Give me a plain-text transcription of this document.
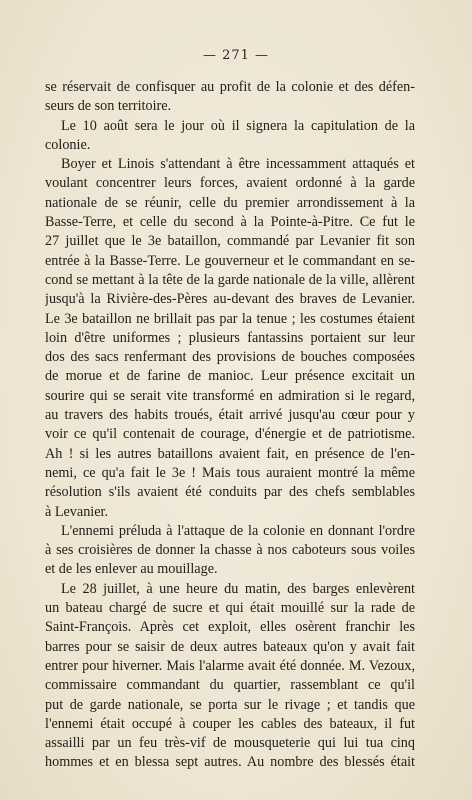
— 271 —
se réservait de confisquer au profit de la colonie et des défen-
seurs de son territoire.
Le 10 août sera le jour où il signera la capitulation de la
colonie.
Boyer et Linois s'attendant à être incessamment attaqués et
voulant concentrer leurs forces, avaient ordonné à la garde
nationale de se réunir, celle du premier arrondissement à la
Basse-Terre, et celle du second à la Pointe-à-Pitre. Ce fut le
27 juillet que le 3e bataillon, commandé par Levanier fit son
entrée à la Basse-Terre. Le gouverneur et le commandant en se-
cond se mettant à la tête de la garde nationale de la ville, allèrent
jusqu'à la Rivière-des-Pères au-devant des braves de Levanier.
Le 3e bataillon ne brillait pas par la tenue ; les costumes étaient
loin d'être uniformes ; plusieurs fantassins portaient sur leur
dos des sacs renfermant des provisions de bouches composées
de morue et de farine de manioc. Leur présence excitait un
sourire qui se serait vite transformé en admiration si le regard,
au travers des habits troués, était arrivé jusqu'au cœur pour y
voir ce qu'il contenait de courage, d'énergie et de patriotisme.
Ah ! si les autres bataillons avaient fait, en présence de l'en-
nemi, ce qu'a fait le 3e ! Mais tous auraient montré la même
résolution s'ils avaient été conduits par des chefs semblables
à Levanier.
L'ennemi préluda à l'attaque de la colonie en donnant l'ordre
à ses croisières de donner la chasse à nos caboteurs sous voiles
et de les enlever au mouillage.
Le 28 juillet, à une heure du matin, des barges enlevèrent
un bateau chargé de sucre et qui était mouillé sur la rade de
Saint-François. Après cet exploit, elles osèrent franchir les
barres pour se saisir de deux autres bateaux qu'on y avait fait
entrer pour hiverner. Mais l'alarme avait été donnée. M. Vezoux,
commissaire commandant du quartier, rassemblant ce qu'il
put de garde nationale, se porta sur le rivage ; et tandis que
l'ennemi était occupé à couper les cables des bateaux, il fut
assailli par un feu très-vif de mousqueterie qui lui tua cinq
hommes et en blessa sept autres. Au nombre des blessés était
